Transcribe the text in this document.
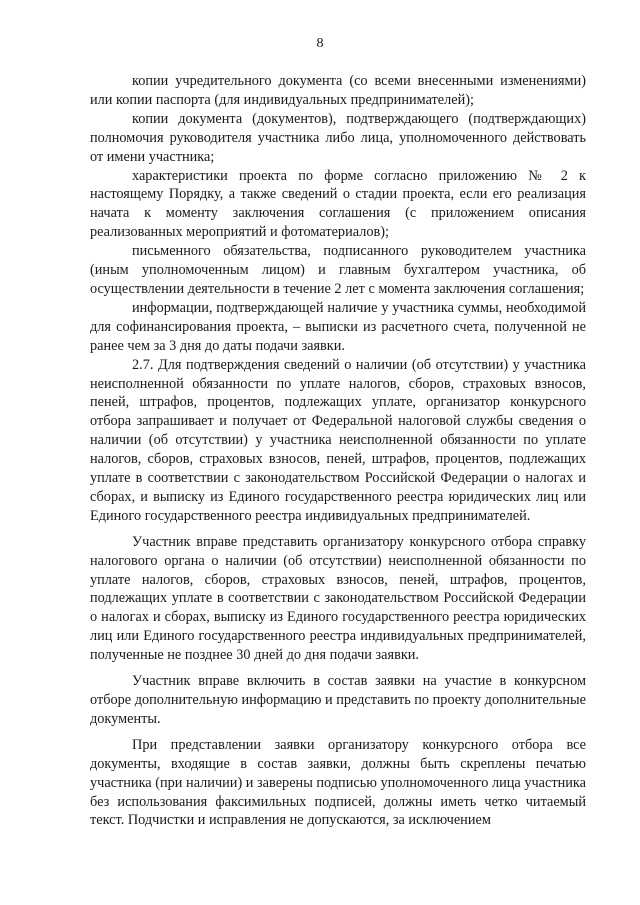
8

копии учредительного документа (со всеми внесенными изменениями) или копии паспорта (для индивидуальных предпринимателей);

копии документа (документов), подтверждающего (подтверждающих) полномочия руководителя участника либо лица, уполномоченного действовать от имени участника;

характеристики проекта по форме согласно приложению № 2 к настоящему Порядку, а также сведений о стадии проекта, если его реализация начата к моменту заключения соглашения (с приложением описания реализованных мероприятий и фотоматериалов);

письменного обязательства, подписанного руководителем участника (иным уполномоченным лицом) и главным бухгалтером участника, об осуществлении деятельности в течение 2 лет с момента заключения соглашения;

информации, подтверждающей наличие у участника суммы, необходимой для софинансирования проекта, – выписки из расчетного счета, полученной не ранее чем за 3 дня до даты подачи заявки.

2.7. Для подтверждения сведений о наличии (об отсутствии) у участника неисполненной обязанности по уплате налогов, сборов, страховых взносов, пеней, штрафов, процентов, подлежащих уплате, организатор конкурсного отбора запрашивает и получает от Федеральной налоговой службы сведения о наличии (об отсутствии) у участника неисполненной обязанности по уплате налогов, сборов, страховых взносов, пеней, штрафов, процентов, подлежащих уплате в соответствии с законодательством Российской Федерации о налогах и сборах, и выписку из Единого государственного реестра юридических лиц или Единого государственного реестра индивидуальных предпринимателей.

Участник вправе представить организатору конкурсного отбора справку налогового органа о наличии (об отсутствии) неисполненной обязанности по уплате налогов, сборов, страховых взносов, пеней, штрафов, процентов, подлежащих уплате в соответствии с законодательством Российской Федерации о налогах и сборах, выписку из Единого государственного реестра юридических лиц или Единого государственного реестра индивидуальных предпринимателей, полученные не позднее 30 дней до дня подачи заявки.

Участник вправе включить в состав заявки на участие в конкурсном отборе дополнительную информацию и представить по проекту дополнительные документы.

При представлении заявки организатору конкурсного отбора все документы, входящие в состав заявки, должны быть скреплены печатью участника (при наличии) и заверены подписью уполномоченного лица участника без использования факсимильных подписей, должны иметь четко читаемый текст. Подчистки и исправления не допускаются, за исключением
